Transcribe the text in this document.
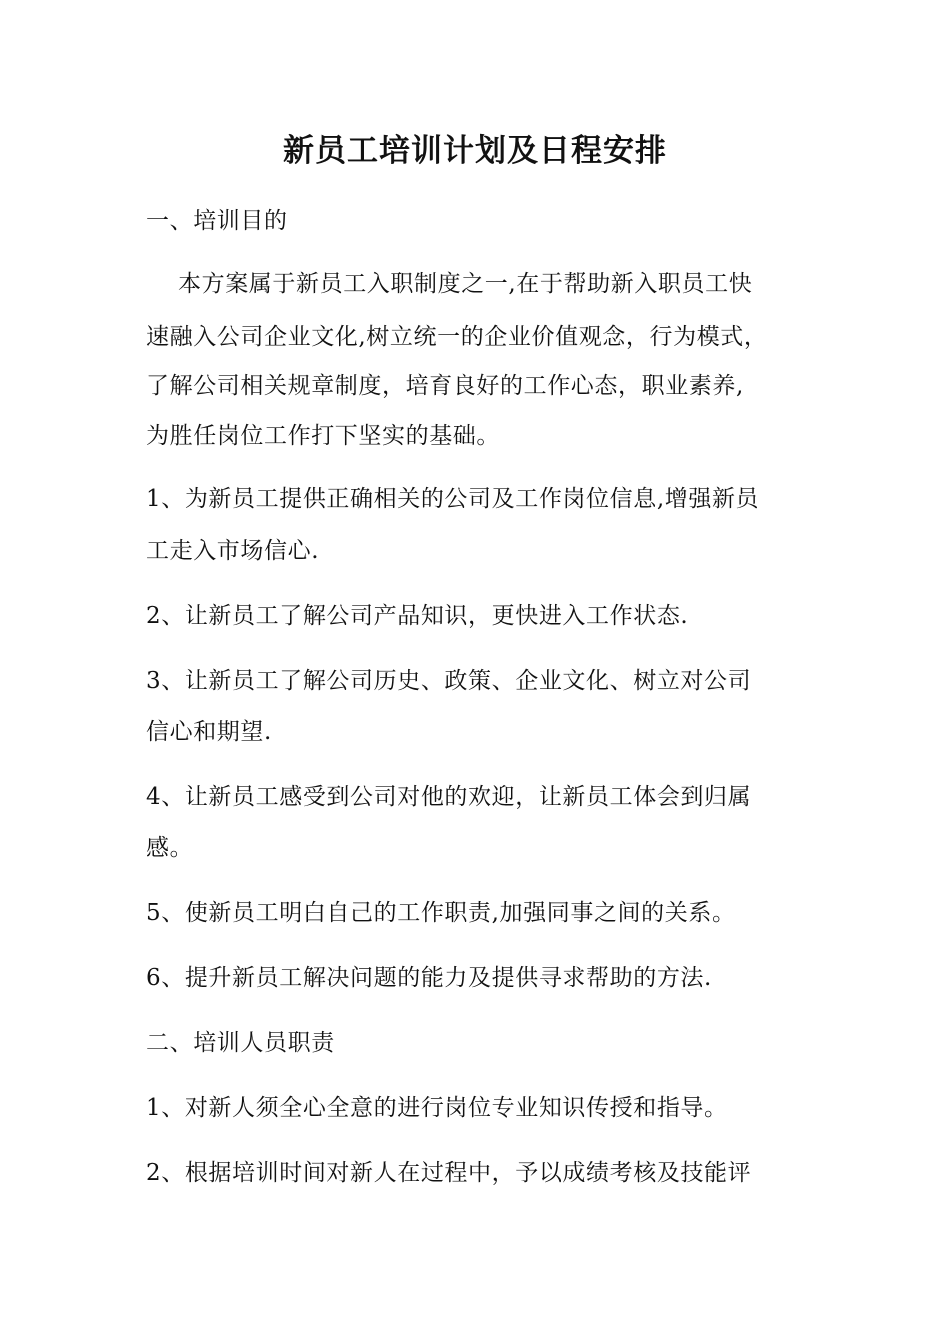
新员工培训计划及日程安排
一、培训目的
本方案属于新员工入职制度之一,在于帮助新入职员工快
速融入公司企业文化,树立统一的企业价值观念，行为模式，
了解公司相关规章制度，培育良好的工作心态，职业素养,
为胜任岗位工作打下坚实的基础。
1、为新员工提供正确相关的公司及工作岗位信息,增强新员
工走入市场信心.
2、让新员工了解公司产品知识，更快进入工作状态.
3、让新员工了解公司历史、政策、企业文化、树立对公司
信心和期望.
4、让新员工感受到公司对他的欢迎，让新员工体会到归属
感。
5、使新员工明白自己的工作职责,加强同事之间的关系。
6、提升新员工解决问题的能力及提供寻求帮助的方法.
二、培训人员职责
1、对新人须全心全意的进行岗位专业知识传授和指导。
2、根据培训时间对新人在过程中，予以成绩考核及技能评
